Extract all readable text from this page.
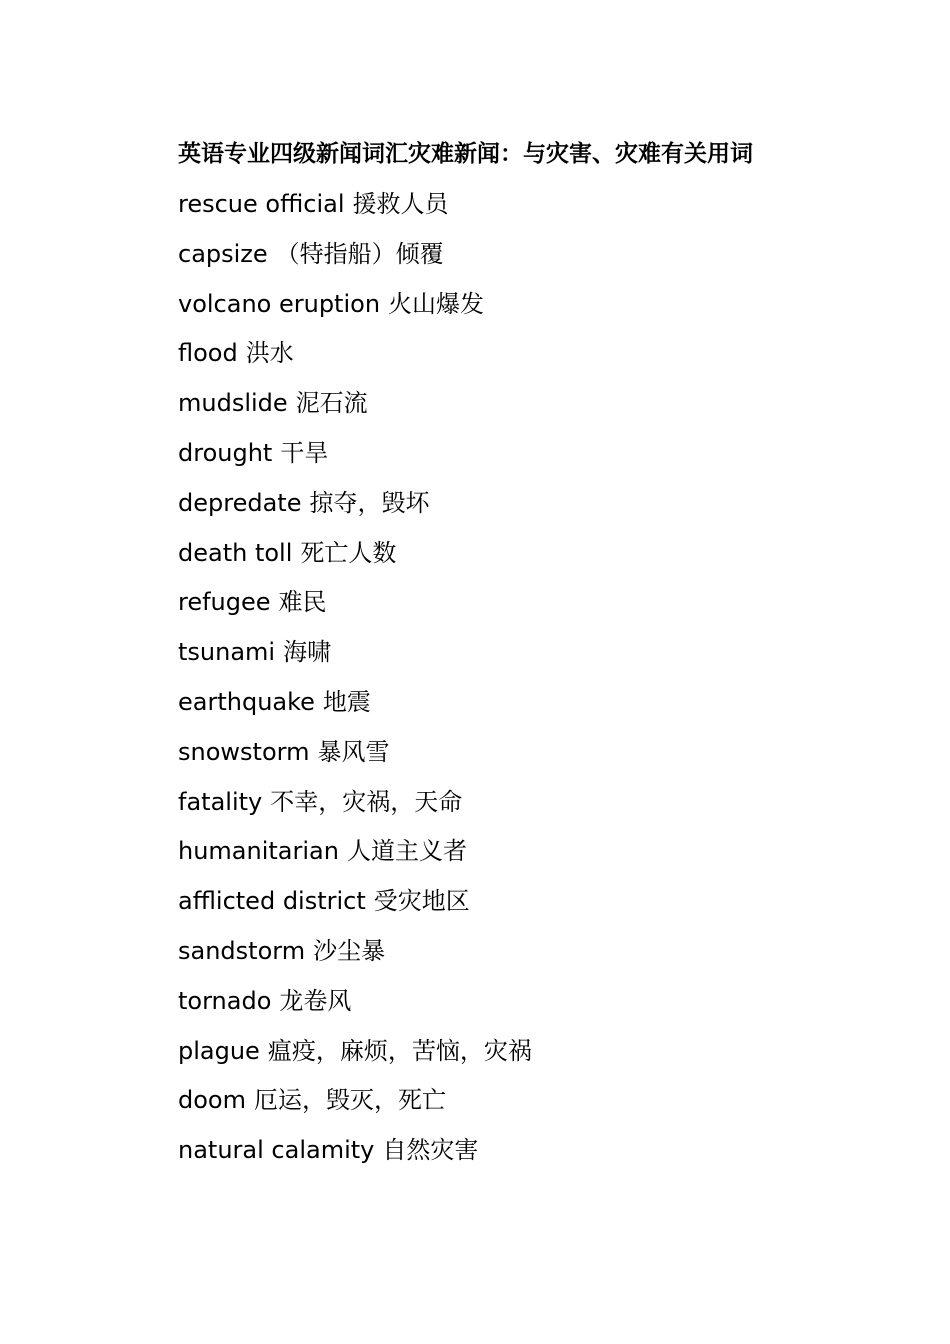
英语专业四级新闻词汇灾难新闻：与灾害、灾难有关用词
rescue official 援救人员
capsize （特指船）倾覆
volcano eruption 火山爆发
flood 洪水
mudslide 泥石流
drought 干旱
depredate 掠夺，毁坏
death toll 死亡人数
refugee 难民
tsunami 海啸
earthquake 地震
snowstorm 暴风雪
fatality 不幸，灾祸，天命
humanitarian 人道主义者
afflicted district 受灾地区
sandstorm 沙尘暴
tornado 龙卷风
plague 瘟疫，麻烦，苦恼，灾祸
doom 厄运，毁灭，死亡
natural calamity 自然灾害
